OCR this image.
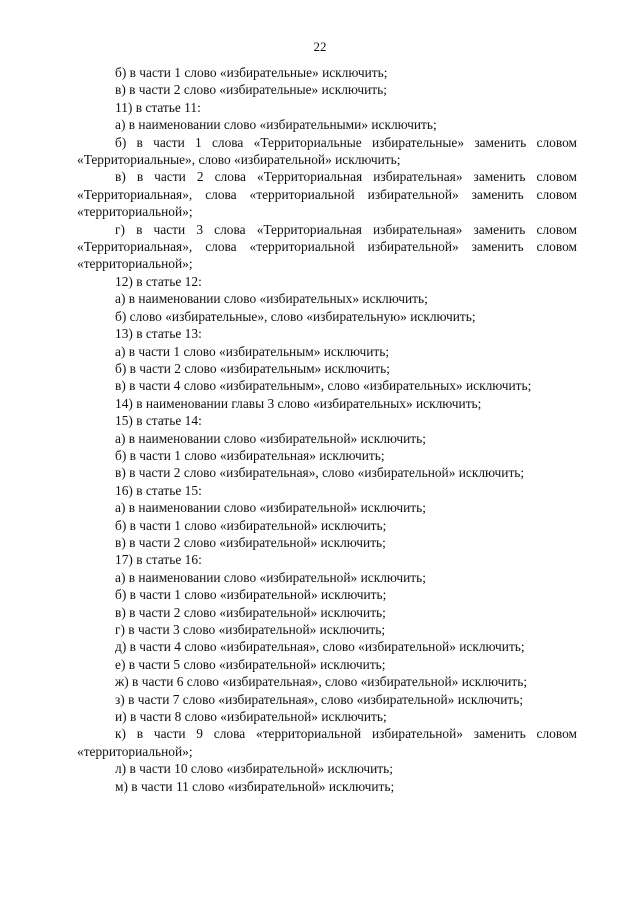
22

б) в части 1 слово «избирательные» исключить;

в) в части 2 слово «избирательные» исключить;

11) в статье 11:

а) в наименовании слово «избирательными» исключить;

б) в части 1 слова «Территориальные избирательные» заменить словом «Территориальные», слово «избирательной» исключить;

в) в части 2 слова «Территориальная избирательная» заменить словом «Территориальная», слова «территориальной избирательной» заменить словом «территориальной»;

г) в части 3 слова «Территориальная избирательная» заменить словом «Территориальная», слова «территориальной избирательной» заменить словом «территориальной»;

12) в статье 12:

а) в наименовании слово «избирательных» исключить;

б) слово «избирательные», слово «избирательную» исключить;

13) в статье 13:

а) в части 1 слово «избирательным» исключить;

б) в части 2 слово «избирательным» исключить;

в) в части 4 слово «избирательным», слово «избирательных» исключить;

14) в наименовании главы 3 слово «избирательных» исключить;

15) в статье 14:

а) в наименовании слово «избирательной» исключить;

б) в части 1 слово «избирательная» исключить;

в) в части 2 слово «избирательная», слово «избирательной» исключить;

16) в статье 15:

а) в наименовании слово «избирательной» исключить;

б) в части 1 слово «избирательной» исключить;

в) в части 2 слово «избирательной» исключить;

17) в статье 16:

а) в наименовании слово «избирательной» исключить;

б) в части 1 слово «избирательной» исключить;

в) в части 2 слово «избирательной» исключить;

г) в части 3 слово «избирательной» исключить;

д) в части 4 слово «избирательная», слово «избирательной» исключить;

е) в части 5 слово «избирательной» исключить;

ж) в части 6 слово «избирательная», слово «избирательной» исключить;

з) в части 7 слово «избирательная», слово «избирательной» исключить;

и) в части 8 слово «избирательной» исключить;

к) в части 9 слова «территориальной избирательной» заменить словом «территориальной»;

л) в части 10 слово «избирательной» исключить;

м) в части 11 слово «избирательной» исключить;
